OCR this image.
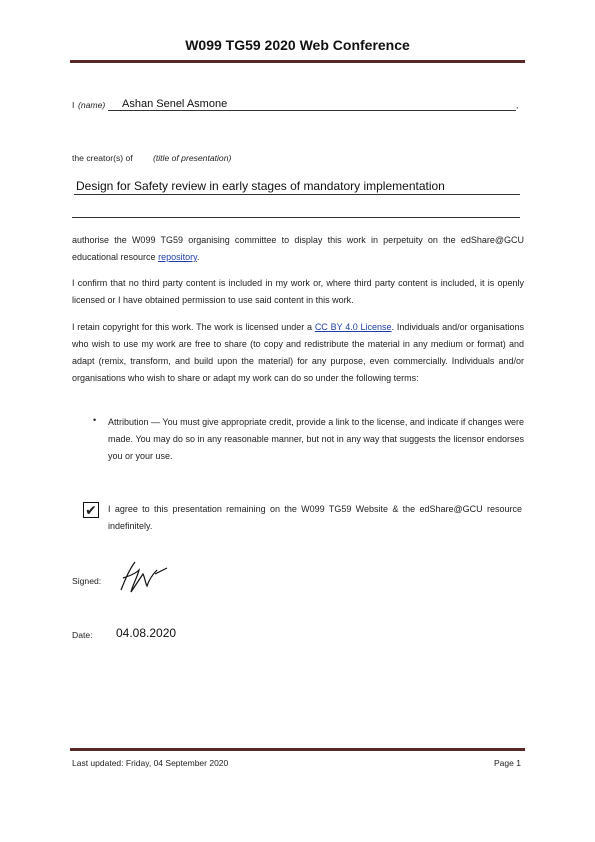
W099 TG59 2020 Web Conference
I (name) Ashan Senel Asmone	,
the creator(s) of (title of presentation)
Design for Safety review in early stages of mandatory implementation
authorise the W099 TG59 organising committee to display this work in perpetuity on the edShare@GCU educational resource repository.
I confirm that no third party content is included in my work or, where third party content is included, it is openly licensed or I have obtained permission to use said content in this work.
I retain copyright for this work. The work is licensed under a CC BY 4.0 License. Individuals and/or organisations who wish to use my work are free to share (to copy and redistribute the material in any medium or format) and adapt (remix, transform, and build upon the material) for any purpose, even commercially. Individuals and/or organisations who wish to share or adapt my work can do so under the following terms:
• Attribution — You must give appropriate credit, provide a link to the license, and indicate if changes were made. You may do so in any reasonable manner, but not in any way that suggests the licensor endorses you or your use.
✔ I agree to this presentation remaining on the W099 TG59 Website & the edShare@GCU resource indefinitely.
Signed:
Date: 04.08.2020
Last updated: Friday, 04 September 2020	Page 1
